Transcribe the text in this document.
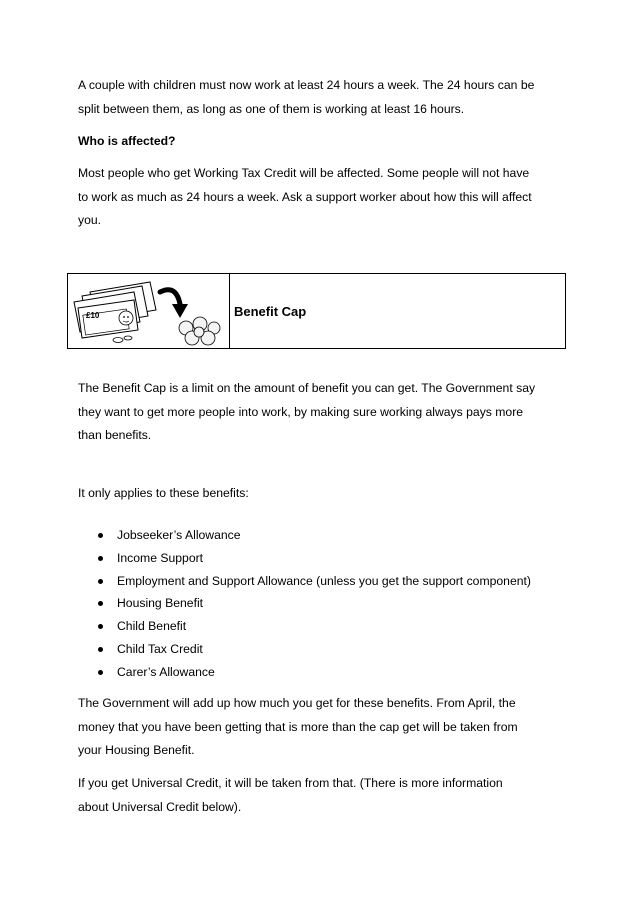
A couple with children must now work at least 24 hours a week. The 24 hours can be
split between them, as long as one of them is working at least 16 hours.
Who is affected?
Most people who get Working Tax Credit will be affected. Some people will not have
to work as much as 24 hours a week. Ask a support worker about how this will affect
you.
£10	Benefit Cap
The Benefit Cap is a limit on the amount of benefit you can get. The Government say
they want to get more people into work, by making sure working always pays more
than benefits.
It only applies to these benefits:
Jobseeker’s Allowance
Income Support
Employment and Support Allowance (unless you get the support component)
Housing Benefit
Child Benefit
Child Tax Credit
Carer’s Allowance
The Government will add up how much you get for these benefits. From April, the
money that you have been getting that is more than the cap get will be taken from
your Housing Benefit.
If you get Universal Credit, it will be taken from that. (There is more information
about Universal Credit below).
